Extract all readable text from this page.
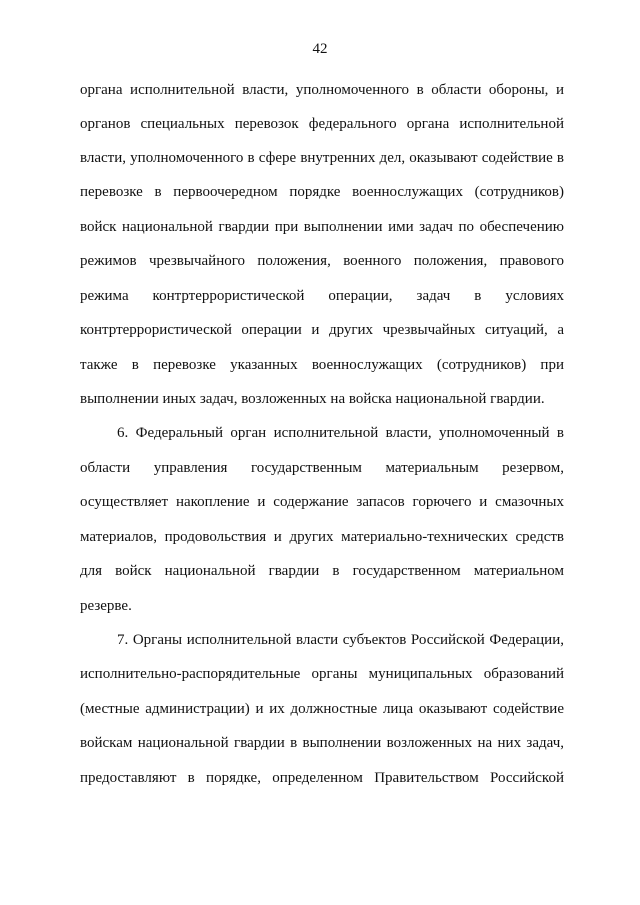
42
органа исполнительной власти, уполномоченного в области обороны, и
органов специальных перевозок федерального органа исполнительной
власти, уполномоченного в сфере внутренних дел, оказывают содействие в
перевозке в первоочередном порядке военнослужащих (сотрудников)
войск национальной гвардии при выполнении ими задач по обеспечению
режимов чрезвычайного положения, военного положения, правового
режима контртеррористической операции, задач в условиях
контртеррористической операции и других чрезвычайных ситуаций, а
также в перевозке указанных военнослужащих (сотрудников) при
выполнении иных задач, возложенных на войска национальной гвардии.
6. Федеральный орган исполнительной власти, уполномоченный в
области управления государственным материальным резервом,
осуществляет накопление и содержание запасов горючего и смазочных
материалов, продовольствия и других материально-технических средств
для войск национальной гвардии в государственном материальном
резерве.
7. Органы исполнительной власти субъектов Российской Федерации,
исполнительно-распорядительные органы муниципальных образований
(местные администрации) и их должностные лица оказывают содействие
войскам национальной гвардии в выполнении возложенных на них задач,
предоставляют в порядке, определенном Правительством Российской
